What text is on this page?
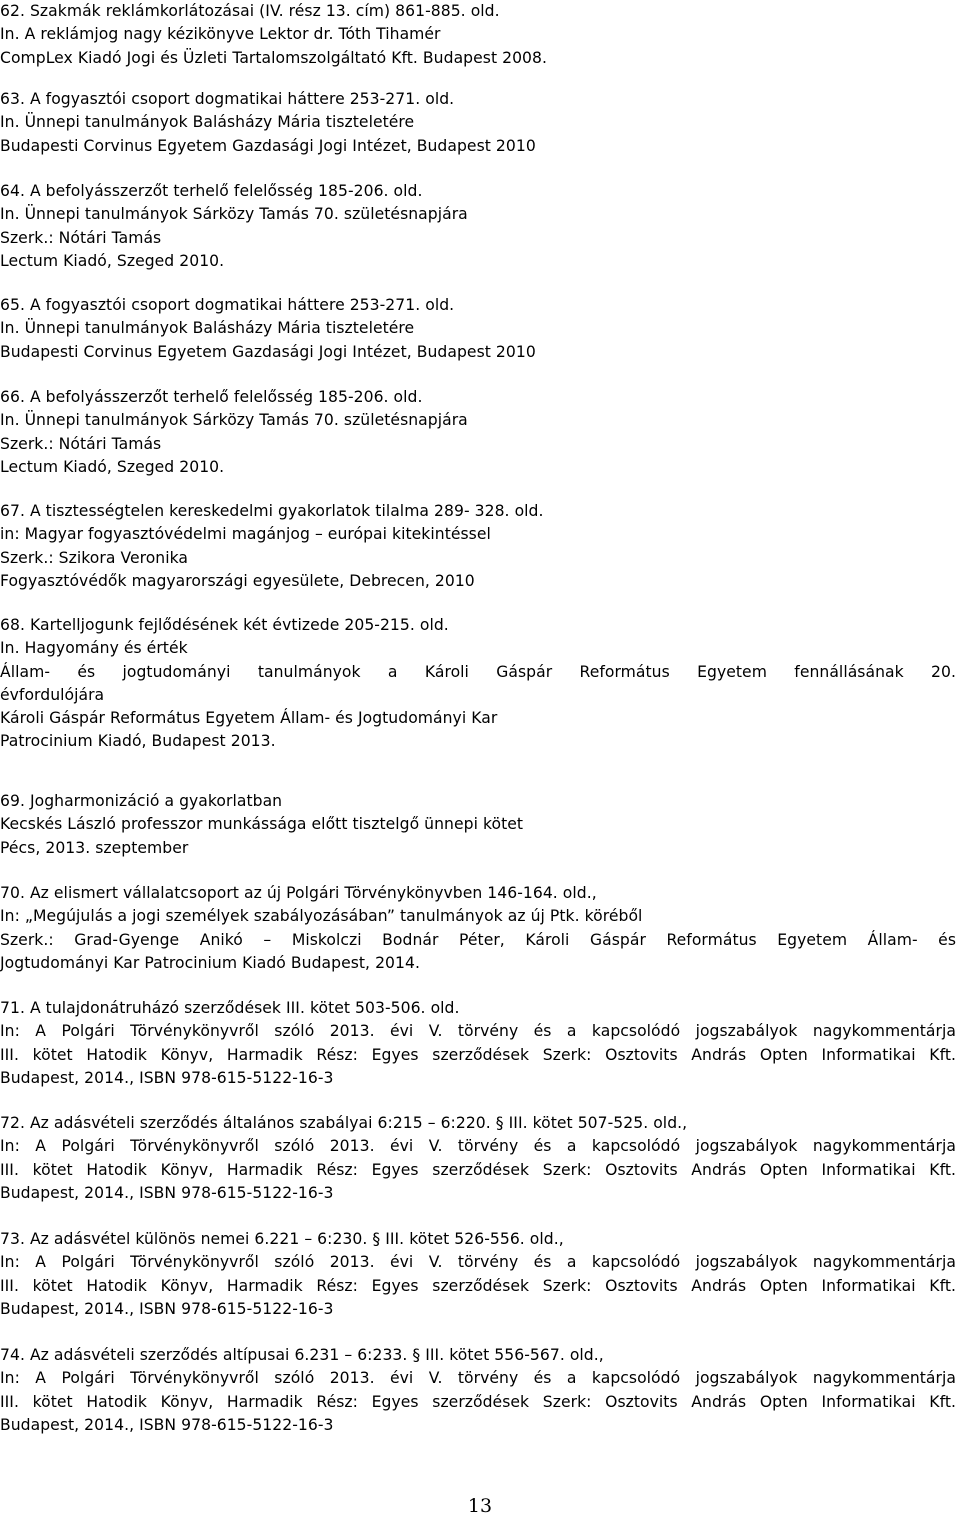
62. Szakmák reklámkorlátozásai (IV. rész 13. cím) 861-885. old.
In. A reklámjog nagy kézikönyve Lektor dr. Tóth Tihamér
CompLex Kiadó Jogi és Üzleti Tartalomszolgáltató Kft. Budapest 2008.
63. A fogyasztói csoport dogmatikai háttere 253-271. old.
In. Ünnepi tanulmányok Balásházy Mária tiszteletére
Budapesti Corvinus Egyetem Gazdasági Jogi Intézet, Budapest 2010
64. A befolyásszerzőt terhelő felelősség 185-206. old.
In. Ünnepi tanulmányok Sárközy Tamás 70. születésnapjára
Szerk.: Nótári Tamás
Lectum Kiadó, Szeged 2010.
65. A fogyasztói csoport dogmatikai háttere 253-271. old.
In. Ünnepi tanulmányok Balásházy Mária tiszteletére
Budapesti Corvinus Egyetem Gazdasági Jogi Intézet, Budapest 2010
66. A befolyásszerzőt terhelő felelősség 185-206. old.
In. Ünnepi tanulmányok Sárközy Tamás 70. születésnapjára
Szerk.: Nótári Tamás
Lectum Kiadó, Szeged 2010.
67. A tisztességtelen kereskedelmi gyakorlatok tilalma 289- 328. old.
in: Magyar fogyasztóvédelmi magánjog – európai kitekintéssel
Szerk.: Szikora Veronika
Fogyasztóvédők magyarországi egyesülete, Debrecen, 2010
68. Kartelljogunk fejlődésének két évtizede 205-215. old.
In. Hagyomány és érték
Állam- és jogtudományi tanulmányok a Károli Gáspár Református Egyetem fennállásának 20.
évfordulójára
Károli Gáspár Református Egyetem Állam- és Jogtudományi Kar
Patrocinium Kiadó, Budapest 2013.
69. Jogharmonizáció a gyakorlatban
Kecskés László professzor munkássága előtt tisztelgő ünnepi kötet
Pécs, 2013. szeptember
70. Az elismert vállalatcsoport az új Polgári Törvénykönyvben 146-164. old.,
In: „Megújulás a jogi személyek szabályozásában” tanulmányok az új Ptk. köréből
Szerk.: Grad-Gyenge Anikó – Miskolczi Bodnár Péter, Károli Gáspár Református Egyetem Állam- és
Jogtudományi Kar Patrocinium Kiadó Budapest, 2014.
71. A tulajdonátruházó szerződések III. kötet 503-506. old.
In: A Polgári Törvénykönyvről szóló 2013. évi V. törvény és a kapcsolódó jogszabályok nagykommentárja
III. kötet Hatodik Könyv, Harmadik Rész: Egyes szerződések Szerk: Osztovits András Opten Informatikai Kft.
Budapest, 2014., ISBN 978-615-5122-16-3
72. Az adásvételi szerződés általános szabályai 6:215 – 6:220. § III. kötet 507-525. old.,
In: A Polgári Törvénykönyvről szóló 2013. évi V. törvény és a kapcsolódó jogszabályok nagykommentárja
III. kötet Hatodik Könyv, Harmadik Rész: Egyes szerződések Szerk: Osztovits András Opten Informatikai Kft.
Budapest, 2014., ISBN 978-615-5122-16-3
73. Az adásvétel különös nemei 6.221 – 6:230. § III. kötet 526-556. old.,
In: A Polgári Törvénykönyvről szóló 2013. évi V. törvény és a kapcsolódó jogszabályok nagykommentárja
III. kötet Hatodik Könyv, Harmadik Rész: Egyes szerződések Szerk: Osztovits András Opten Informatikai Kft.
Budapest, 2014., ISBN 978-615-5122-16-3
74. Az adásvételi szerződés altípusai 6.231 – 6:233. § III. kötet 556-567. old.,
In: A Polgári Törvénykönyvről szóló 2013. évi V. törvény és a kapcsolódó jogszabályok nagykommentárja
III. kötet Hatodik Könyv, Harmadik Rész: Egyes szerződések Szerk: Osztovits András Opten Informatikai Kft.
Budapest, 2014., ISBN 978-615-5122-16-3
13
